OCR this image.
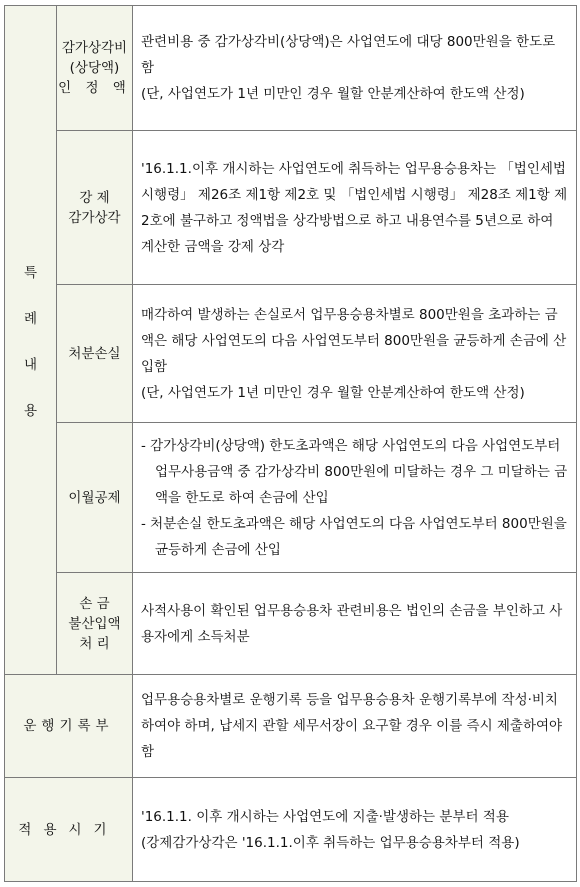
특
례
내
용	감가상각비
(상당액)
인 정 액	관련비용 중 감가상각비(상당액)은 사업연도에 대당 800만원을 한도로 함
(단, 사업연도가 1년 미만인 경우 월할 안분계산하여 한도액 산정)

	강 제
감가상각	'16.1.1.이후 개시하는 사업연도에 취득하는 업무용승용차는 「법인세법 시행령」 제26조 제1항 제2호 및 「법인세법 시행령」 제28조 제1항 제2호에 불구하고 정액법을 상각방법으로 하고 내용연수를 5년으로 하여 계산한 금액을 강제 상각

	처분손실	매각하여 발생하는 손실로서 업무용승용차별로 800만원을 초과하는 금액은 해당 사업연도의 다음 사업연도부터 800만원을 균등하게 손금에 산입함
(단, 사업연도가 1년 미만인 경우 월할 안분계산하여 한도액 산정)

	이월공제	- 감가상각비(상당액) 한도초과액은 해당 사업연도의 다음 사업연도부터 업무사용금액 중 감가상각비 800만원에 미달하는 경우 그 미달하는 금액을 한도로 하여 손금에 산입
- 처분손실 한도초과액은 해당 사업연도의 다음 사업연도부터 800만원을 균등하게 손금에 산입

	손 금
불산입액
처 리	사적사용이 확인된 업무용승용차 관련비용은 법인의 손금을 부인하고 사용자에게 소득처분

운행기록부		업무용승용차별로 운행기록 등을 업무용승용차 운행기록부에 작성·비치하여야 하며, 납세지 관할 세무서장이 요구할 경우 이를 즉시 제출하여야 함

적용시기		'16.1.1. 이후 개시하는 사업연도에 지출·발생하는 분부터 적용
(강제감가상각은 '16.1.1.이후 취득하는 업무용승용차부터 적용)
